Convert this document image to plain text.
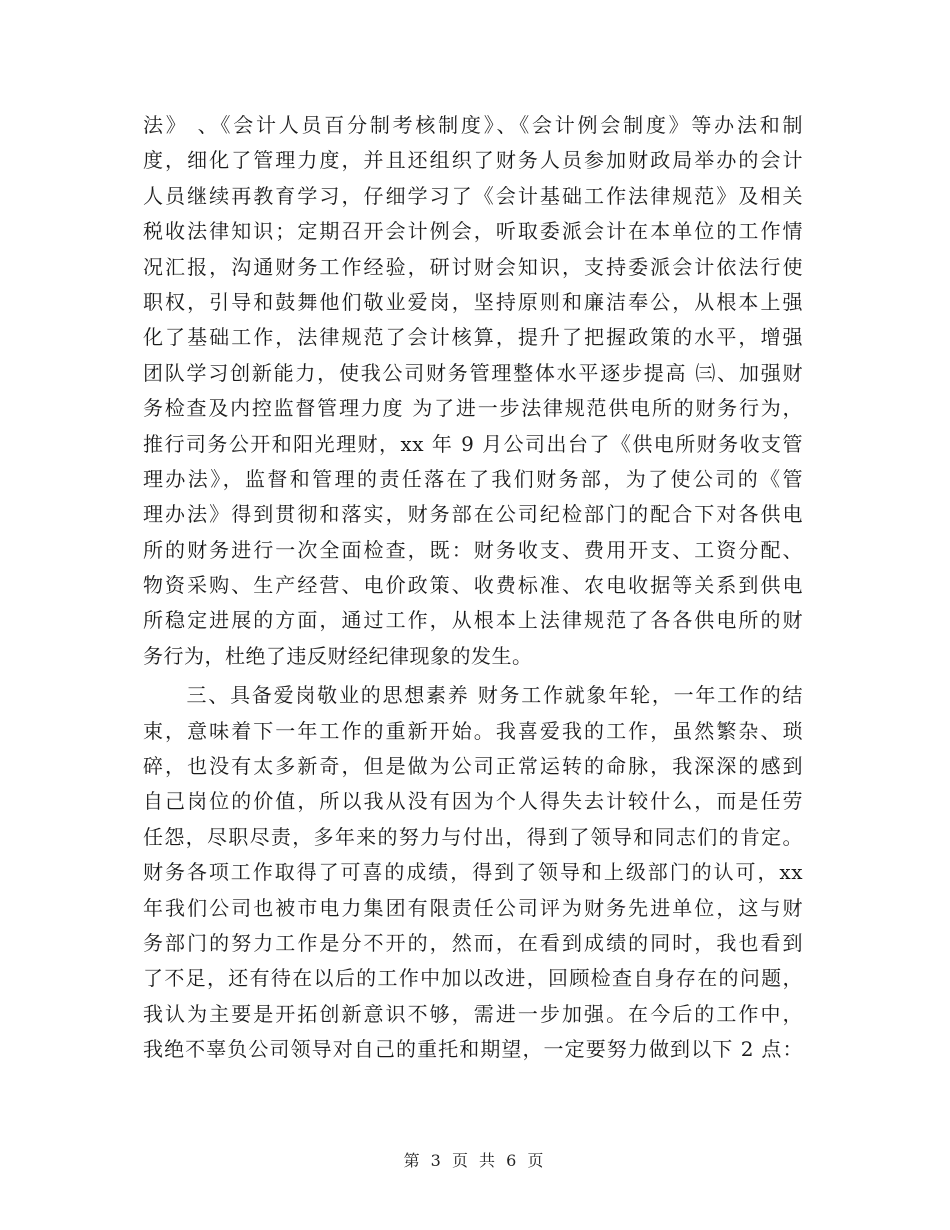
法》 、《会计人员百分制考核制度》、《会计例会制度》等办法和制
度，细化了管理力度，并且还组织了财务人员参加财政局举办的会计
人员继续再教育学习，仔细学习了《会计基础工作法律规范》及相关
税收法律知识；定期召开会计例会，听取委派会计在本单位的工作情
况汇报，沟通财务工作经验，研讨财会知识，支持委派会计依法行使
职权，引导和鼓舞他们敬业爱岗，坚持原则和廉洁奉公，从根本上强
化了基础工作，法律规范了会计核算，提升了把握政策的水平，增强
团队学习创新能力，使我公司财务管理整体水平逐步提高 ㈢、加强财
务检查及内控监督管理力度 为了进一步法律规范供电所的财务行为，
推行司务公开和阳光理财，xx 年 9 月公司出台了《供电所财务收支管
理办法》，监督和管理的责任落在了我们财务部，为了使公司的《管
理办法》得到贯彻和落实，财务部在公司纪检部门的配合下对各供电
所的财务进行一次全面检查，既：财务收支、费用开支、工资分配、
物资采购、生产经营、电价政策、收费标准、农电收据等关系到供电
所稳定进展的方面，通过工作，从根本上法律规范了各各供电所的财
务行为，杜绝了违反财经纪律现象的发生。
　　三、具备爱岗敬业的思想素养 财务工作就象年轮，一年工作的结
束，意味着下一年工作的重新开始。我喜爱我的工作，虽然繁杂、琐
碎，也没有太多新奇，但是做为公司正常运转的命脉，我深深的感到
自己岗位的价值，所以我从没有因为个人得失去计较什么，而是任劳
任怨，尽职尽责，多年来的努力与付出，得到了领导和同志们的肯定。
财务各项工作取得了可喜的成绩，得到了领导和上级部门的认可，xx
年我们公司也被市电力集团有限责任公司评为财务先进单位，这与财
务部门的努力工作是分不开的，然而，在看到成绩的同时，我也看到
了不足，还有待在以后的工作中加以改进，回顾检查自身存在的问题，
我认为主要是开拓创新意识不够，需进一步加强。在今后的工作中，
我绝不辜负公司领导对自己的重托和期望，一定要努力做到以下 2 点：
第 3 页 共 6 页
